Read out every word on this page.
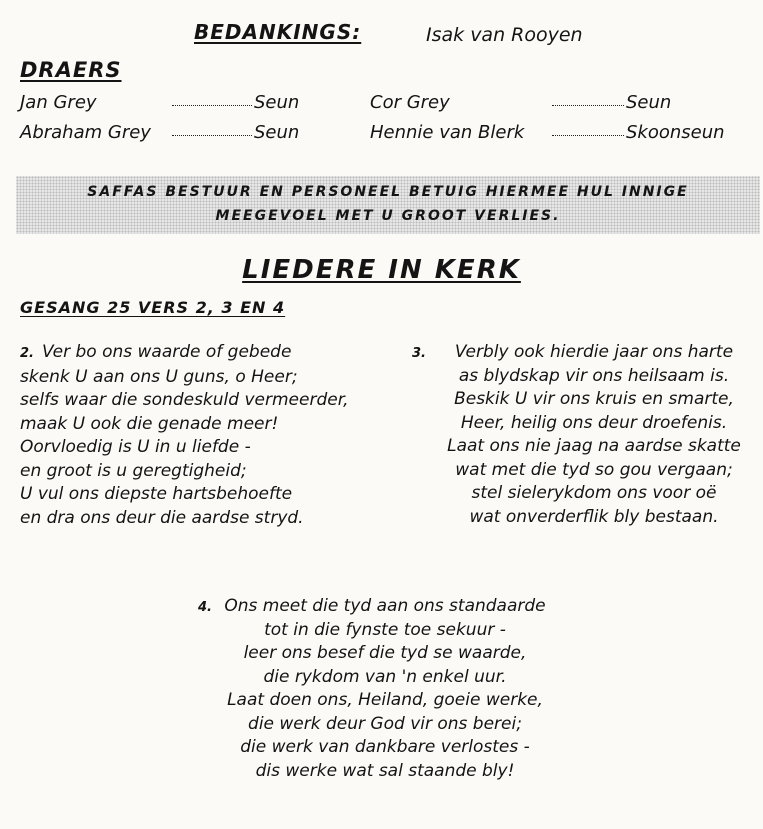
BEDANKINGS:	Isak van Rooyen
DRAERS
Jan Grey	Seun	Cor Grey	Seun
Abraham Grey	Seun	Hennie van Blerk	Skoonseun
SAFFAS BESTUUR EN PERSONEEL BETUIG HIERMEE HUL INNIGE
MEEGEVOEL MET U GROOT VERLIES.
LIEDERE IN KERK
GESANG 25 VERS 2, 3 EN 4
2. Ver bo ons waarde of gebede
skenk U aan ons U guns, o Heer;
selfs waar die sondeskuld vermeerder,
maak U ook die genade meer!
Oorvloedig is U in u liefde -
en groot is u geregtigheid;
U vul ons diepste hartsbehoefte
en dra ons deur die aardse stryd.
3.	Verbly ook hierdie jaar ons harte
as blydskap vir ons heilsaam is.
Beskik U vir ons kruis en smarte,
Heer, heilig ons deur droefenis.
Laat ons nie jaag na aardse skatte
wat met die tyd so gou vergaan;
stel sielerykdom ons voor oë
wat onverderflik bly bestaan.
4. Ons meet die tyd aan ons standaarde
tot in die fynste toe sekuur -
leer ons besef die tyd se waarde,
die rykdom van 'n enkel uur.
Laat doen ons, Heiland, goeie werke,
die werk deur God vir ons berei;
die werk van dankbare verlostes -
dis werke wat sal staande bly!
